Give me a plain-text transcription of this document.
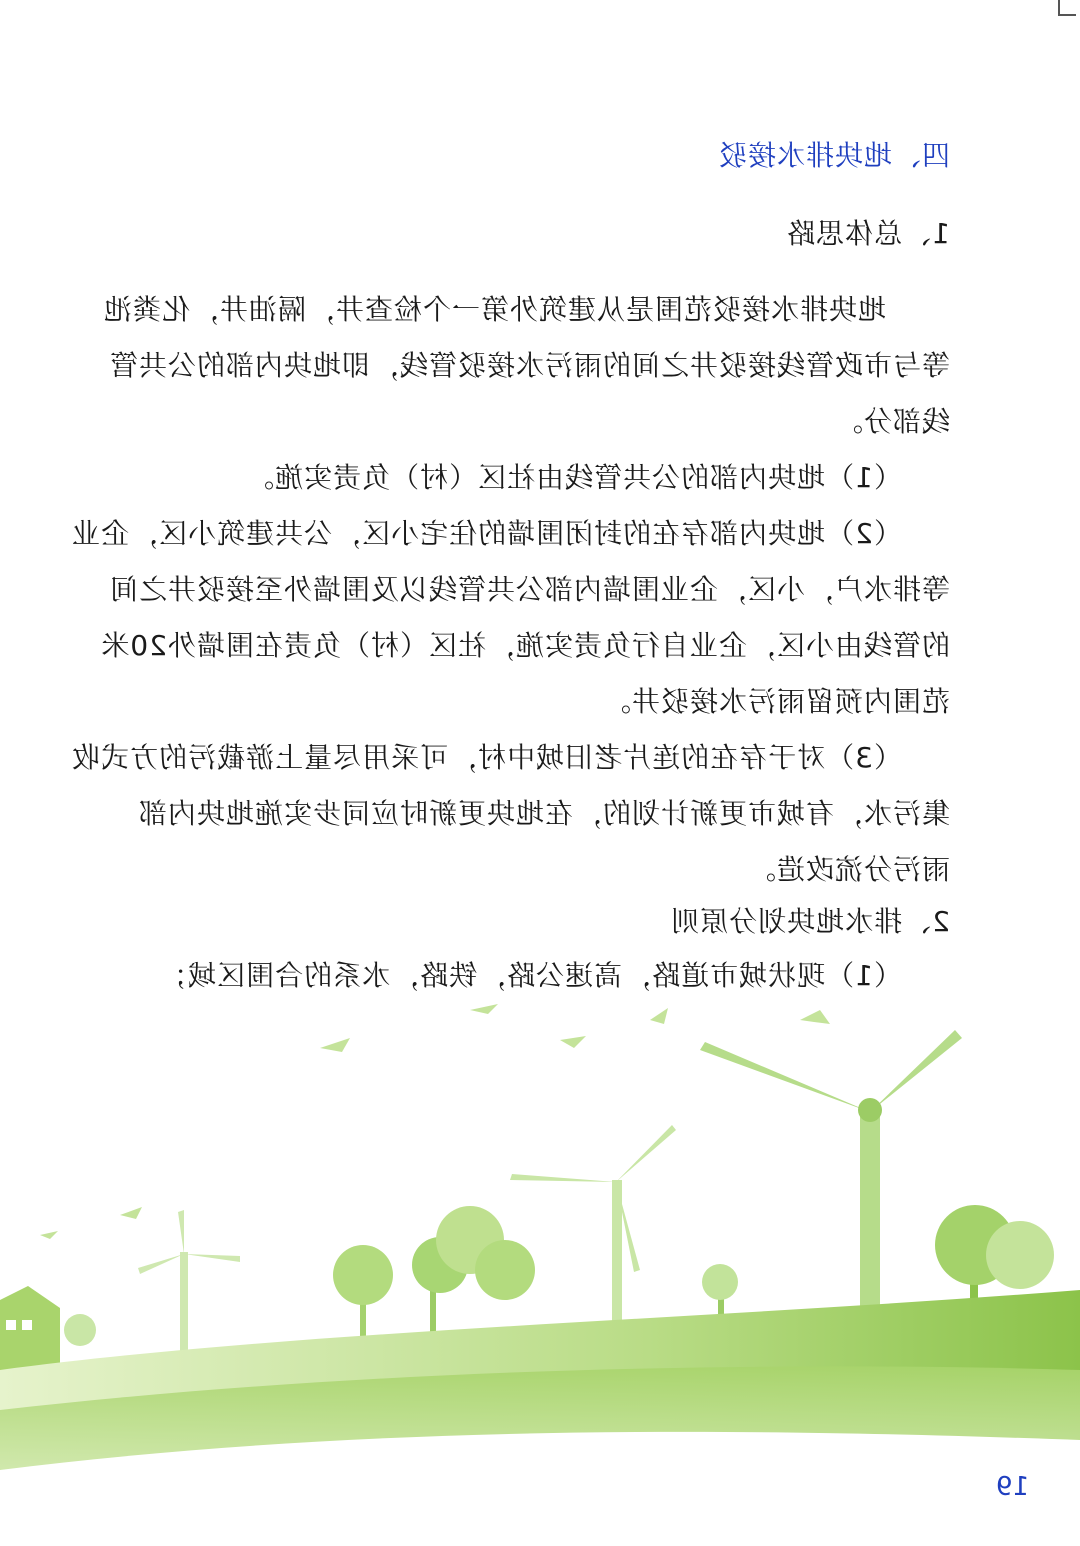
四、地块排水接驳
1、总体思路
地块排水接驳范围是从建筑外第一个检查井，隔油井，化粪池
等与市政管线接驳井之间的雨污水接驳管线，即地块内部的公共管
线部分。
（1）地块内部的公共管线由社区（村）负责实施。
（2）地块内部存在的封闭围墙的住宅小区，公共建筑小区，企业
等排水户，小区，企业围墙内部公共管线以及围墙外至接驳井之间
的管线由小区，企业自行负责实施，社区（村）负责在围墙外20米
范围内预留雨污水接驳井。
（3）对于存在的连片老旧城中村，可采用尽量上游截污的方式收
集污水，有城市更新计划的，在地块更新时应同步实施地块内部
雨污分流改造。
2、排水地块划分原则
（1）现状城市道路，高速公路，铁路，水系的合围区域；
19
